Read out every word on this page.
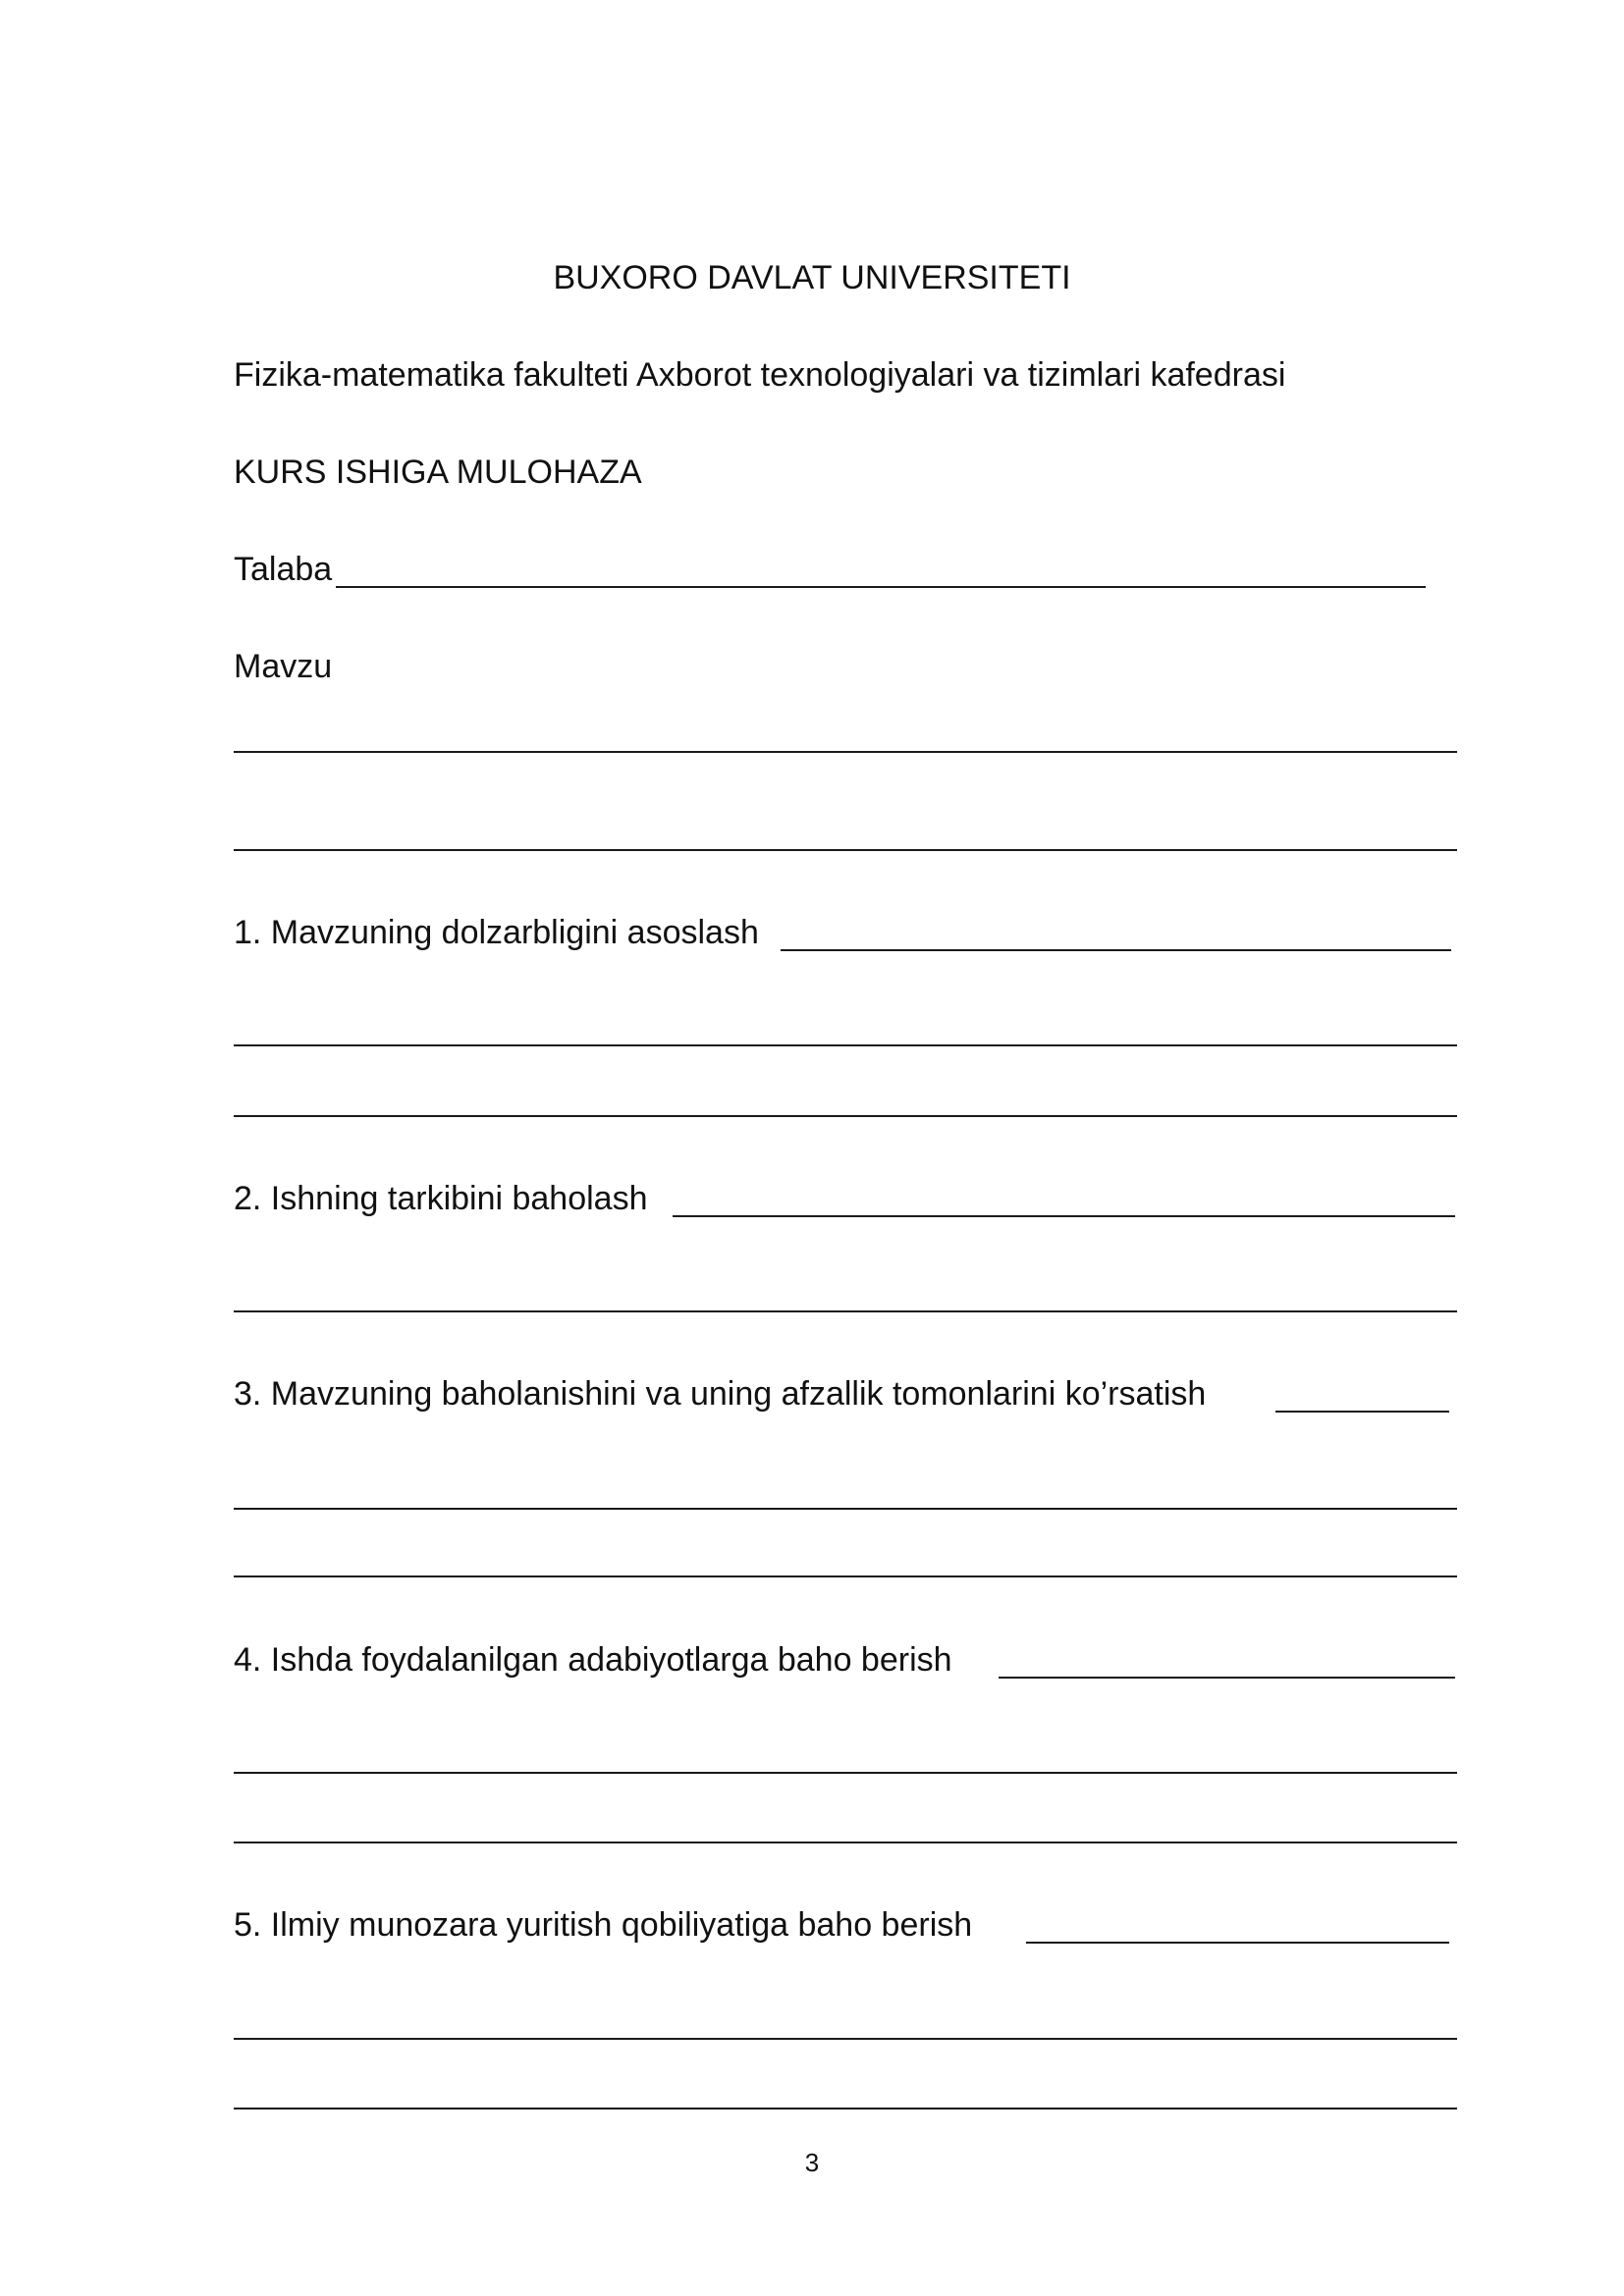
BUXORO DAVLAT UNIVERSITETI
Fizika-matematika fakulteti Axborot texnologiyalari va tizimlari kafedrasi
KURS ISHIGA MULOHAZA
Talaba
Mavzu
1. Mavzuning dolzarbligini asoslash
2. Ishning tarkibini baholash
3. Mavzuning baholanishini va uning afzallik tomonlarini ko’rsatish
4. Ishda foydalanilgan adabiyotlarga baho berish
5. Ilmiy munozara yuritish qobiliyatiga baho berish
3
